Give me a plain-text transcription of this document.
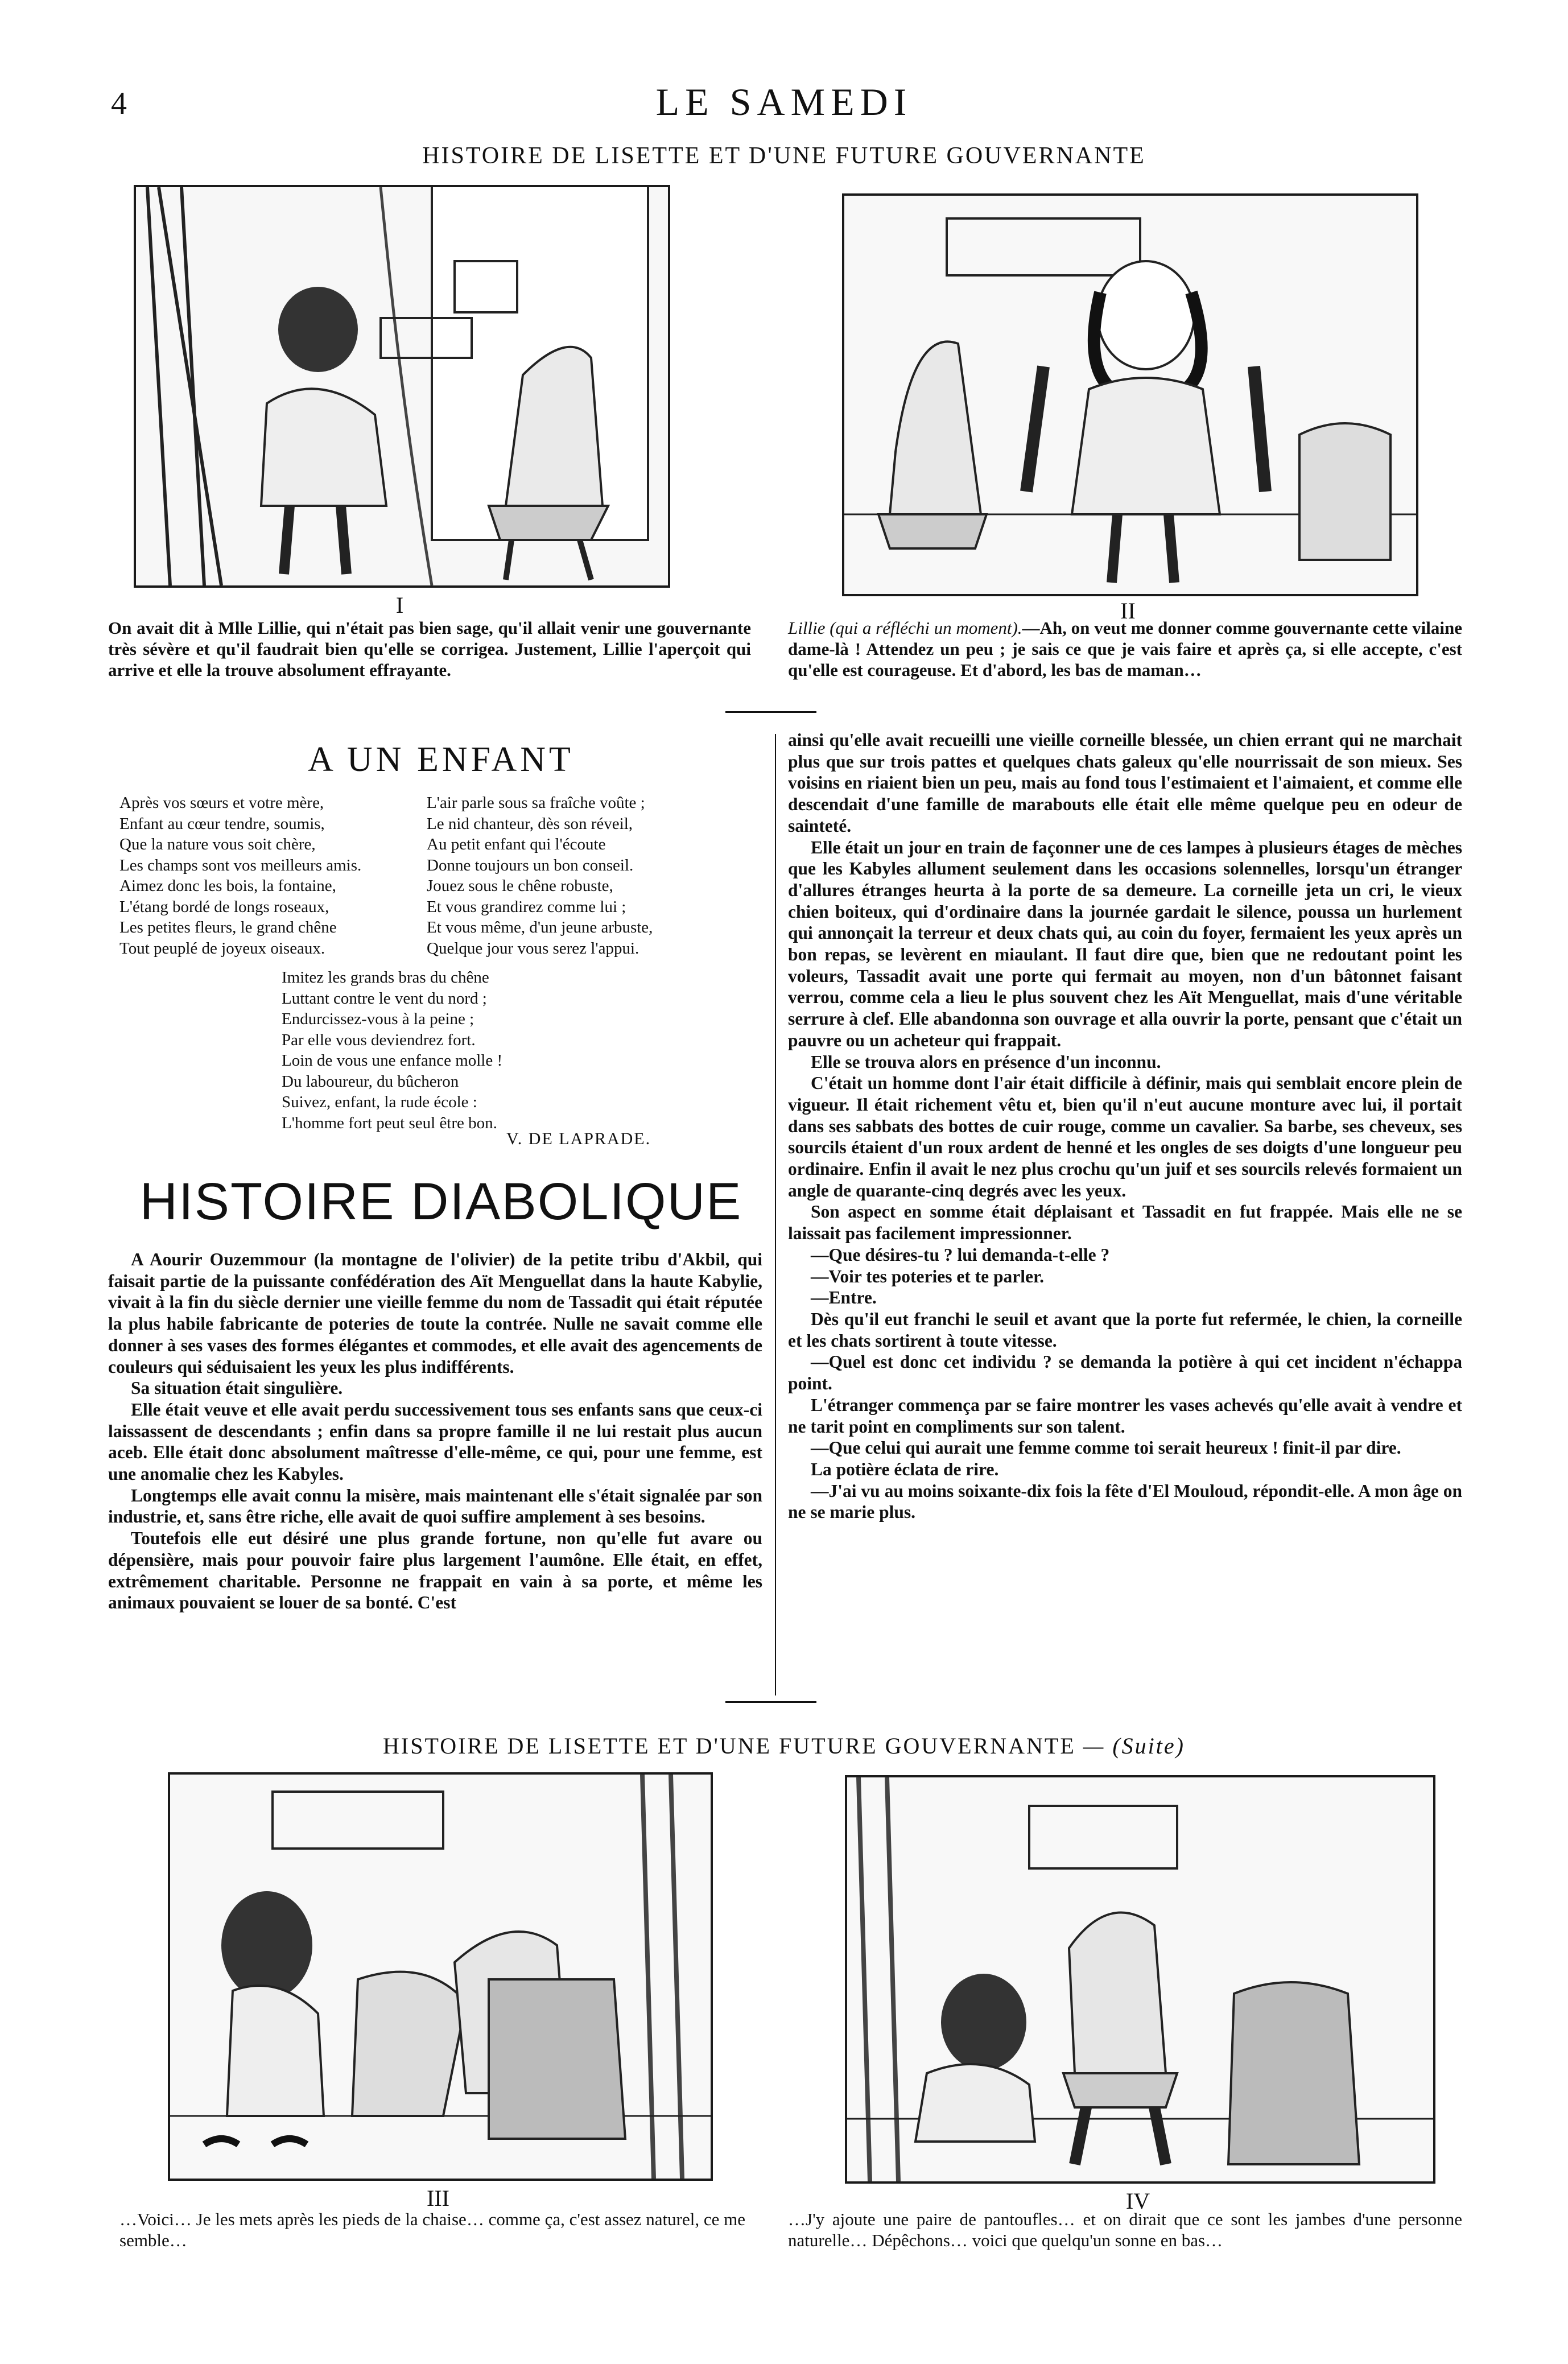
4	LE SAMEDI
HISTOIRE DE LISETTE ET D'UNE FUTURE GOUVERNANTE
I
On avait dit à Mlle Lillie, qui n'était pas bien sage, qu'il allait venir une gouvernante très sévère et qu'il faudrait bien qu'elle se corrigea. Justement, Lillie l'aperçoit qui arrive et elle la trouve absolument effrayante.
II
Lillie (qui a réfléchi un moment).—Ah, on veut me donner comme gouvernante cette vilaine dame-là ! Attendez un peu ; je sais ce que je vais faire et après ça, si elle accepte, c'est qu'elle est courageuse. Et d'abord, les bas de maman…
A UN ENFANT
Après vos sœurs et votre mère,
Enfant au cœur tendre, soumis,
Que la nature vous soit chère,
Les champs sont vos meilleurs amis.
Aimez donc les bois, la fontaine,
L'étang bordé de longs roseaux,
Les petites fleurs, le grand chêne
Tout peuplé de joyeux oiseaux.
L'air parle sous sa fraîche voûte ;
Le nid chanteur, dès son réveil,
Au petit enfant qui l'écoute
Donne toujours un bon conseil.
Jouez sous le chêne robuste,
Et vous grandirez comme lui ;
Et vous même, d'un jeune arbuste,
Quelque jour vous serez l'appui.
Imitez les grands bras du chêne
Luttant contre le vent du nord ;
Endurcissez-vous à la peine ;
Par elle vous deviendrez fort.
Loin de vous une enfance molle !
Du laboureur, du bûcheron
Suivez, enfant, la rude école :
L'homme fort peut seul être bon.
V. DE LAPRADE.
HISTOIRE DIABOLIQUE

A Aourir Ouzemmour (la montagne de l'olivier) de la petite tribu d'Akbil, qui faisait partie de la puissante confédération des Aït Menguellat dans la haute Kabylie, vivait à la fin du siècle dernier une vieille femme du nom de Tassadit qui était réputée la plus habile fabricante de poteries de toute la contrée. Nulle ne savait comme elle donner à ses vases des formes élégantes et commodes, et elle avait des agencements de couleurs qui séduisaient les yeux les plus indifférents.

Sa situation était singulière.

Elle était veuve et elle avait perdu successivement tous ses enfants sans que ceux-ci laissassent de descendants ; enfin dans sa propre famille il ne lui restait plus aucun aceb. Elle était donc absolument maîtresse d'elle-même, ce qui, pour une femme, est une anomalie chez les Kabyles.

Longtemps elle avait connu la misère, mais maintenant elle s'était signalée par son industrie, et, sans être riche, elle avait de quoi suffire amplement à ses besoins.

Toutefois elle eut désiré une plus grande fortune, non qu'elle fut avare ou dépensière, mais pour pouvoir faire plus largement l'aumône. Elle était, en effet, extrêmement charitable. Personne ne frappait en vain à sa porte, et même les animaux pouvaient se louer de sa bonté. C'est

ainsi qu'elle avait recueilli une vieille corneille blessée, un chien errant qui ne marchait plus que sur trois pattes et quelques chats galeux qu'elle nourrissait de son mieux. Ses voisins en riaient bien un peu, mais au fond tous l'estimaient et l'aimaient, et comme elle descendait d'une famille de marabouts elle était elle même quelque peu en odeur de sainteté.

Elle était un jour en train de façonner une de ces lampes à plusieurs étages de mèches que les Kabyles allument seulement dans les occasions solennelles, lorsqu'un étranger d'allures étranges heurta à la porte de sa demeure. La corneille jeta un cri, le vieux chien boiteux, qui d'ordinaire dans la journée gardait le silence, poussa un hurlement qui annonçait la terreur et deux chats qui, au coin du foyer, fermaient les yeux après un bon repas, se levèrent en miaulant. Il faut dire que, bien que ne redoutant point les voleurs, Tassadit avait une porte qui fermait au moyen, non d'un bâtonnet faisant verrou, comme cela a lieu le plus souvent chez les Aït Menguellat, mais d'une véritable serrure à clef. Elle abandonna son ouvrage et alla ouvrir la porte, pensant que c'était un pauvre ou un acheteur qui frappait.

Elle se trouva alors en présence d'un inconnu.

C'était un homme dont l'air était difficile à définir, mais qui semblait encore plein de vigueur. Il était richement vêtu et, bien qu'il n'eut aucune monture avec lui, il portait dans ses sabbats des bottes de cuir rouge, comme un cavalier. Sa barbe, ses cheveux, ses sourcils étaient d'un roux ardent de henné et les ongles de ses doigts d'une longueur peu ordinaire. Enfin il avait le nez plus crochu qu'un juif et ses sourcils relevés formaient un angle de quarante-cinq degrés avec les yeux.

Son aspect en somme était déplaisant et Tassadit en fut frappée. Mais elle ne se laissait pas facilement impressionner.

—Que désires-tu ? lui demanda-t-elle ?

—Voir tes poteries et te parler.

—Entre.

Dès qu'il eut franchi le seuil et avant que la porte fut refermée, le chien, la corneille et les chats sortirent à toute vitesse.

—Quel est donc cet individu ? se demanda la potière à qui cet incident n'échappa point.

L'étranger commença par se faire montrer les vases achevés qu'elle avait à vendre et ne tarit point en compliments sur son talent.

—Que celui qui aurait une femme comme toi serait heureux ! finit-il par dire.

La potière éclata de rire.

—J'ai vu au moins soixante-dix fois la fête d'El Mouloud, répondit-elle. A mon âge on ne se marie plus.

HISTOIRE DE LISETTE ET D'UNE FUTURE GOUVERNANTE — (Suite)
III
…Voici… Je les mets après les pieds de la chaise… comme ça, c'est assez naturel, ce me semble…
IV
…J'y ajoute une paire de pantoufles… et on dirait que ce sont les jambes d'une personne naturelle… Dépêchons… voici que quelqu'un sonne en bas…
